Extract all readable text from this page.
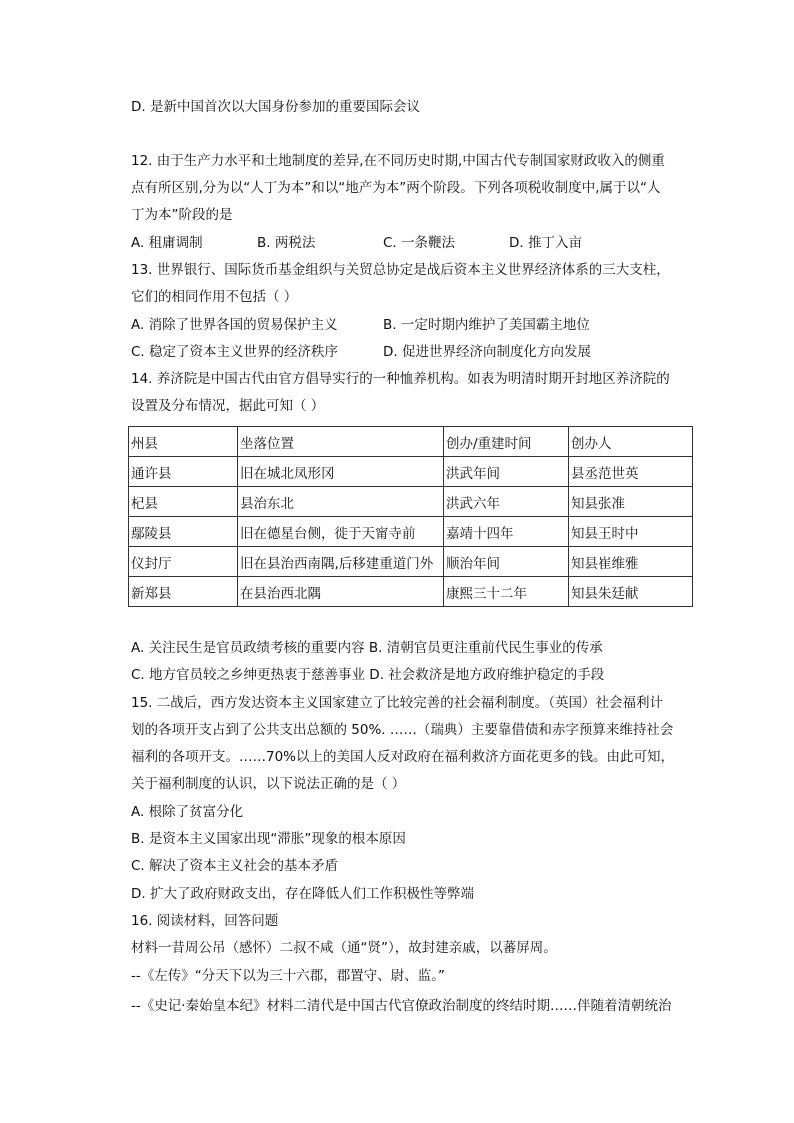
D. 是新中国首次以大国身份参加的重要国际会议
12. 由于生产力水平和土地制度的差异,在不同历史时期,中国古代专制国家财政收入的侧重
点有所区别,分为以“人丁为本”和以“地产为本”两个阶段。下列各项税收制度中,属于以“人
丁为本”阶段的是
A. 租庸调制	B. 两税法	C. 一条鞭法	D. 推丁入亩
13. 世界银行、国际货币基金组织与关贸总协定是战后资本主义世界经济体系的三大支柱，
它们的相同作用不包括（ ）
A. 消除了世界各国的贸易保护主义	B. 一定时期内维护了美国霸主地位
C. 稳定了资本主义世界的经济秩序	D. 促进世界经济向制度化方向发展
14. 养济院是中国古代由官方倡导实行的一种恤养机构。如表为明清时期开封地区养济院的
设置及分布情况，据此可知（ ）
州县	坐落位置	创办/重建时间	创办人
通许县	旧在城北凤形冈	洪武年间	县丞范世英
杞县	县治东北	洪武六年	知县张准
鄢陵县	旧在德星台侧，徙于天甯寺前	嘉靖十四年	知县王时中
仪封厅	旧在县治西南隅,后移建重道门外	顺治年间	知县崔维雅
新郑县	在县治西北隅	康熙三十二年	知县朱廷献
A. 关注民生是官员政绩考核的重要内容 B. 清朝官员更注重前代民生事业的传承
C. 地方官员较之乡绅更热衷于慈善事业 D. 社会救济是地方政府维护稳定的手段
15. 二战后，西方发达资本主义国家建立了比较完善的社会福利制度。（英国）社会福利计
划的各项开支占到了公共支出总额的 50%. ……（瑞典）主要靠借债和赤字预算来维持社会
福利的各项开支。……70%以上的美国人反对政府在福利救济方面花更多的钱。由此可知，
关于福利制度的认识，以下说法正确的是（ ）
A. 根除了贫富分化
B. 是资本主义国家出现“滞胀”现象的根本原因
C. 解决了资本主义社会的基本矛盾
D. 扩大了政府财政支出，存在降低人们工作积极性等弊端
16. 阅读材料，回答问题
材料一昔周公吊（感怀）二叔不咸（通“贤”），故封建亲戚，以蕃屏周。
--《左传》“分天下以为三十六郡，郡置守、尉、监。”
--《史记·秦始皇本纪》材料二清代是中国古代官僚政治制度的终结时期……伴随着清朝统治
